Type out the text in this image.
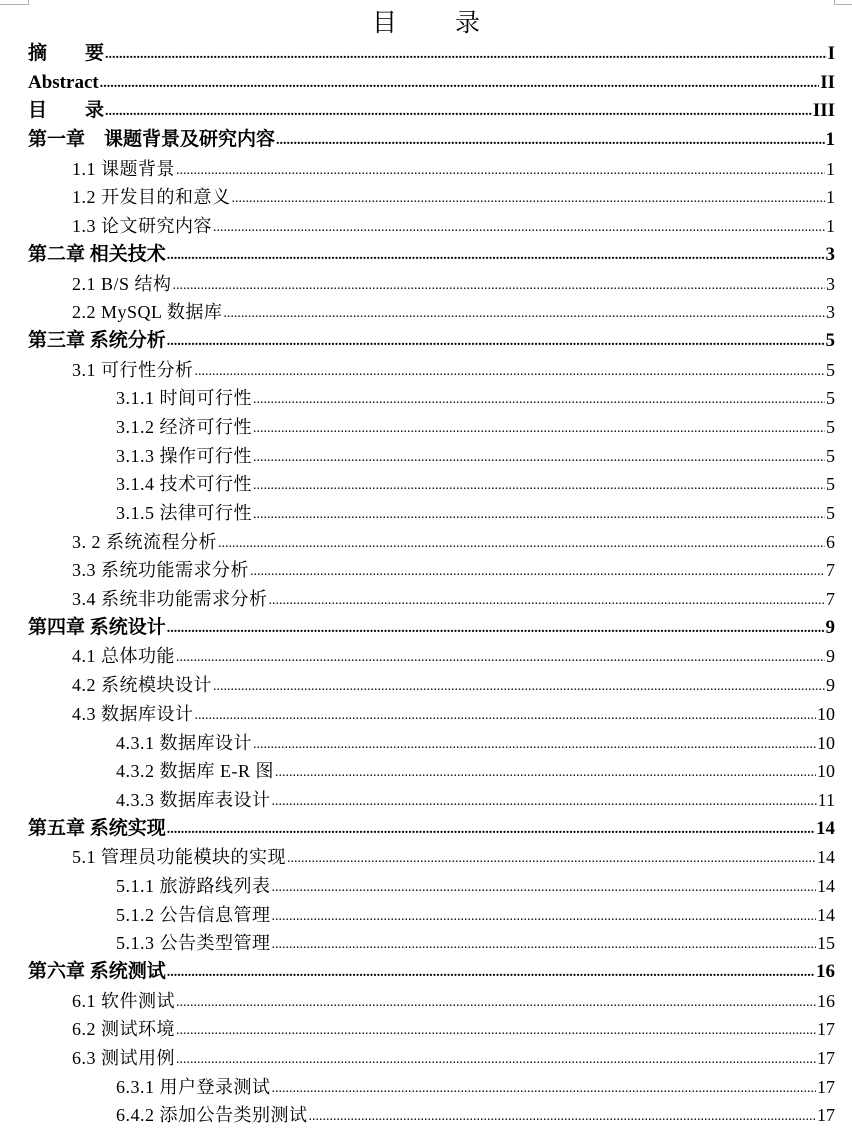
目 录
摘　　要 .....	I
Abstract .....	II
目　　录 .....	III
第一章　课题背景及研究内容 .....	1
1.1 课题背景 .....	1
1.2 开发目的和意义 .....	1
1.3 论文研究内容 .....	1
第二章 相关技术 .....	3
2.1 B/S 结构 .....	3
2.2 MySQL 数据库 .....	3
第三章 系统分析 .....	5
3.1 可行性分析 .....	5
3.1.1 时间可行性 .....	5
3.1.2 经济可行性 .....	5
3.1.3 操作可行性 .....	5
3.1.4 技术可行性 .....	5
3.1.5 法律可行性 .....	5
3. 2 系统流程分析 .....	6
3.3 系统功能需求分析 .....	7
3.4 系统非功能需求分析 .....	7
第四章 系统设计 .....	9
4.1 总体功能 .....	9
4.2 系统模块设计 .....	9
4.3 数据库设计 .....	10
4.3.1 数据库设计 .....	10
4.3.2 数据库 E-R 图 .....	10
4.3.3 数据库表设计 .....	11
第五章 系统实现 .....	14
5.1 管理员功能模块的实现 .....	14
5.1.1 旅游路线列表 .....	14
5.1.2 公告信息管理 .....	14
5.1.3 公告类型管理 .....	15
第六章 系统测试 .....	16
6.1 软件测试 .....	16
6.2 测试环境 .....	17
6.3 测试用例 .....	17
6.3.1 用户登录测试 .....	17
6.4.2 添加公告类别测试 .....	17
